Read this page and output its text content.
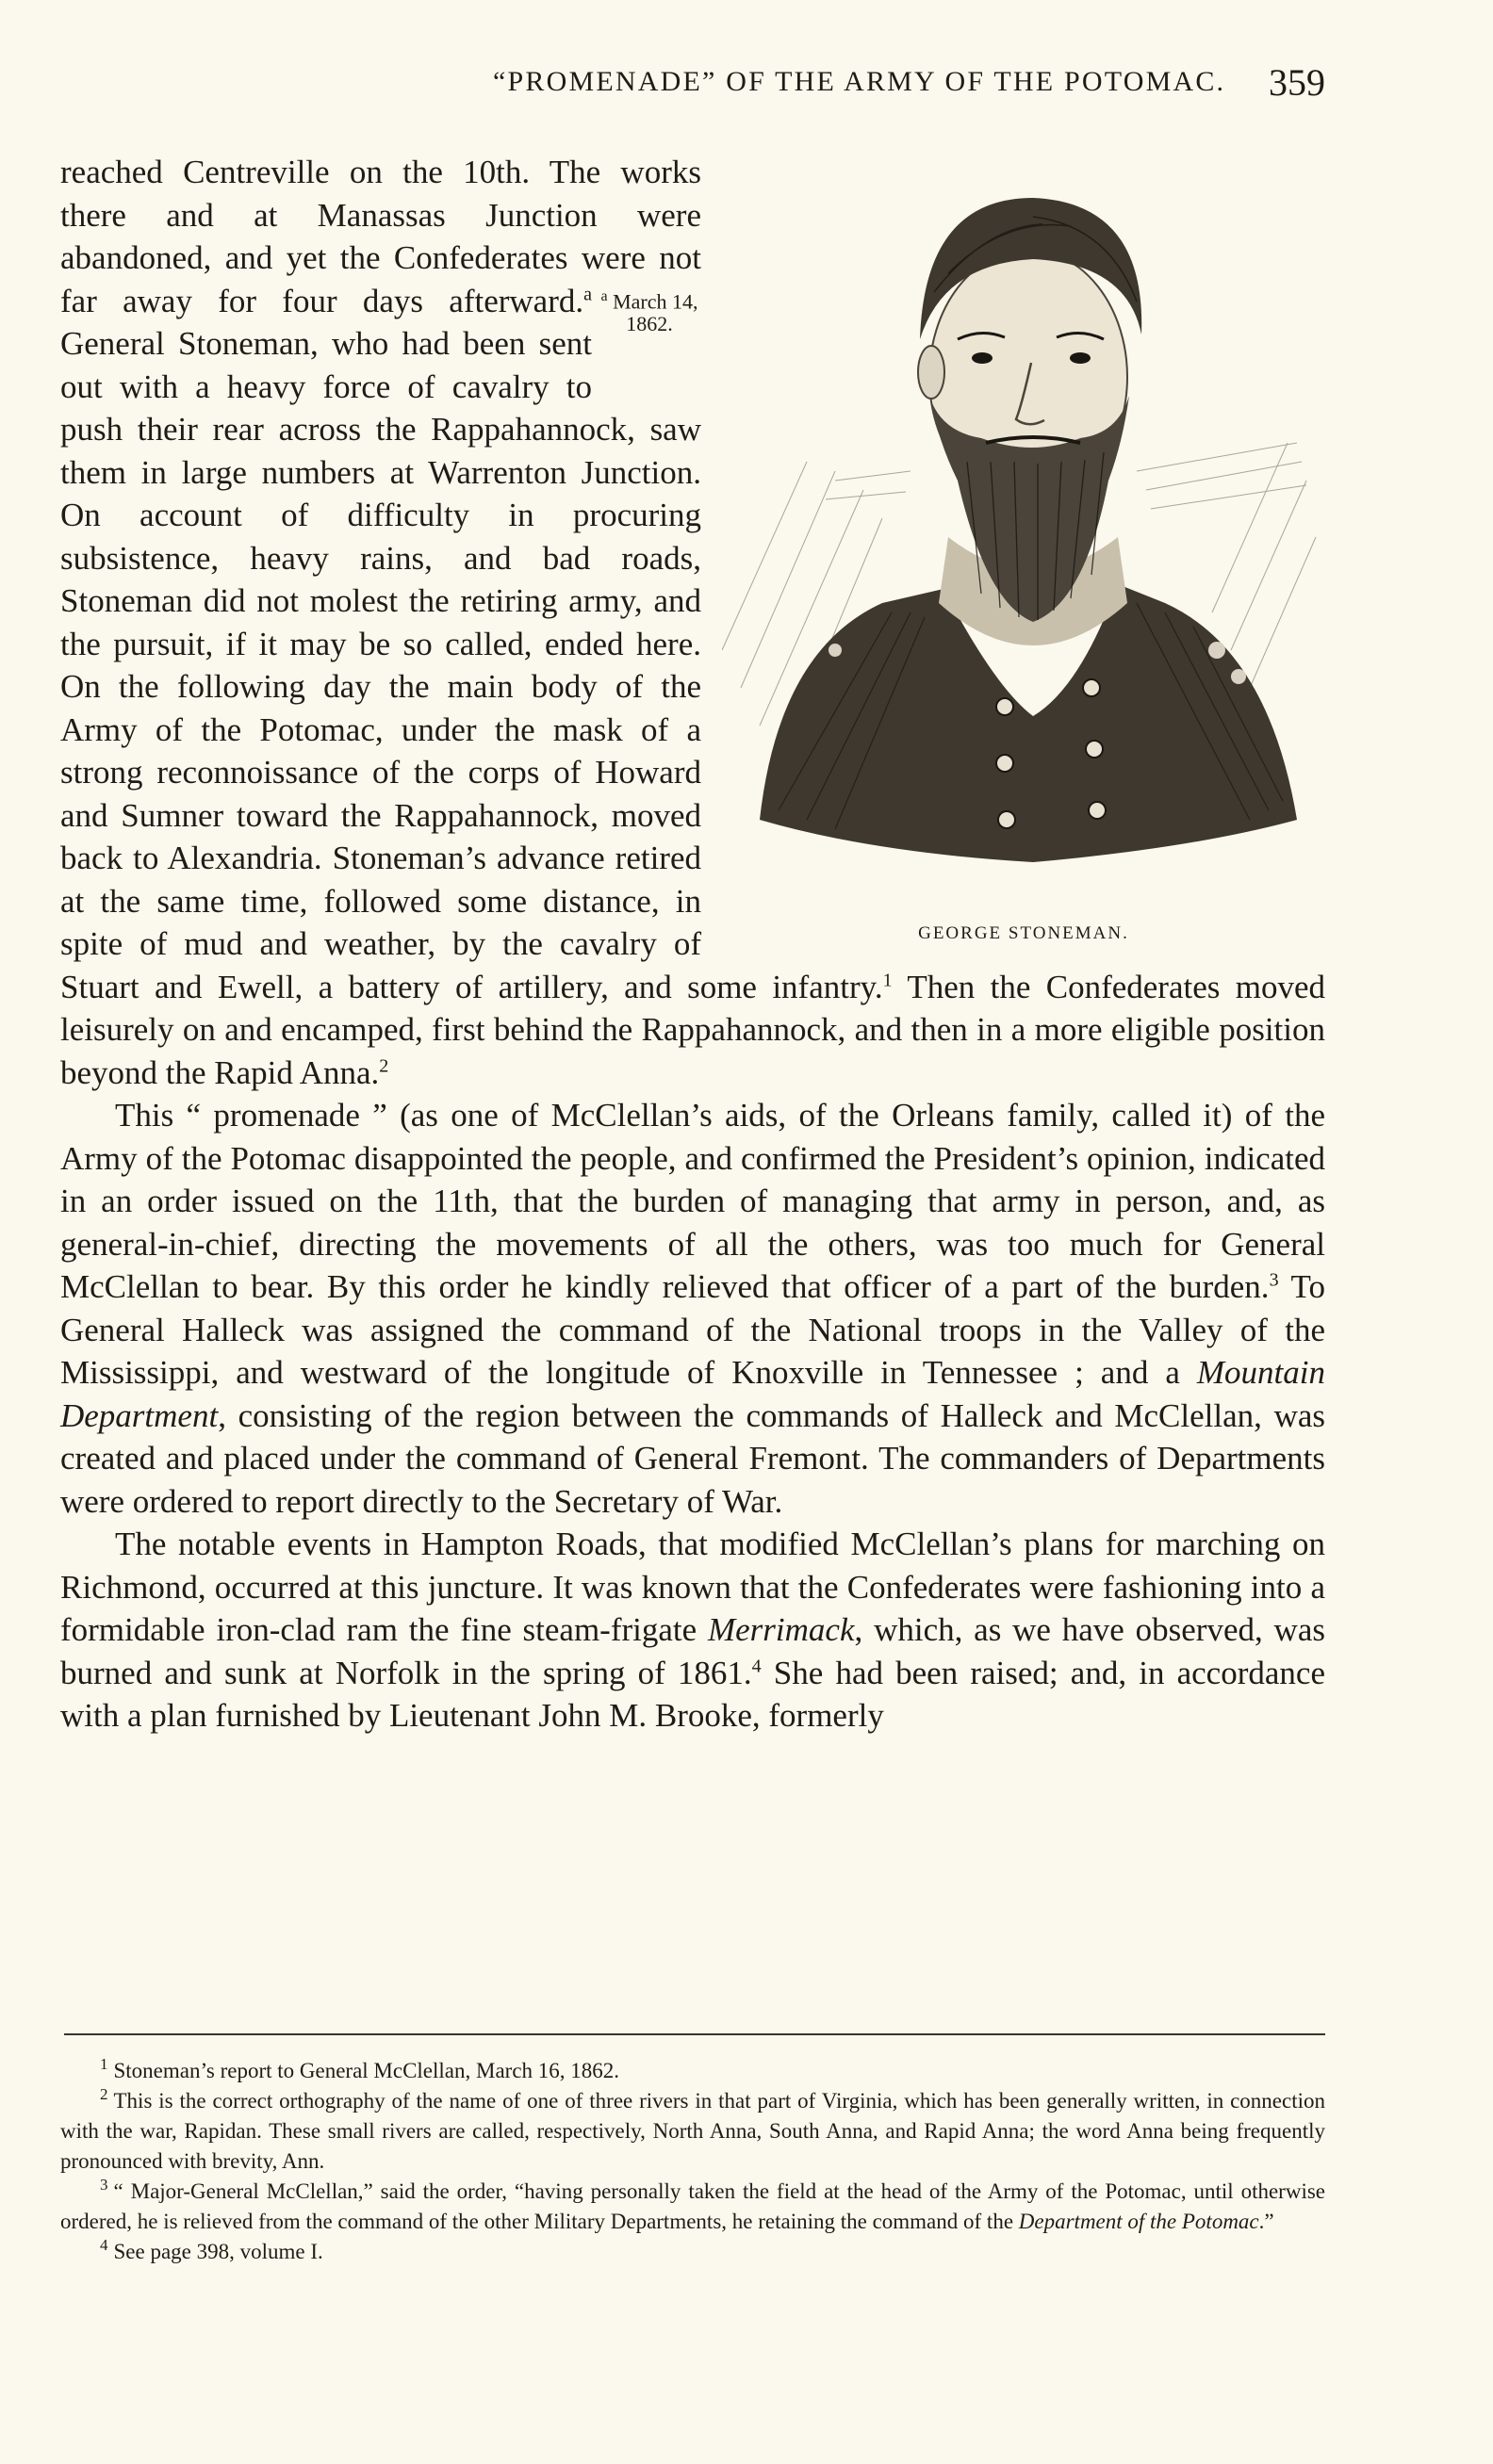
“PROMENADE” OF THE ARMY OF THE POTOMAC. 359
GEORGE STONEMAN.

reached Centreville on the 10th. The works there and at Manassas Junction were abandoned, and yet the Confederates were not far away for four days afterward.$^a$ $^a$ March 14,
1862.
General Stoneman, who had been sent out with a heavy force of cavalry to push their rear across the Rappahannock, saw them in large numbers at Warrenton Junction. On account of difficulty in procuring subsistence, heavy rains, and bad roads, Stoneman did not molest the retiring army, and the pursuit, if it may be so called, ended here. On the following day the main body of the Army of the Potomac, under the mask of a strong reconnoissance of the corps of Howard and Sumner toward the Rappahannock, moved back to Alexandria. Stoneman’s advance retired at the same time, followed some distance, in spite of mud and weather, by the cavalry of Stuart and Ewell, a battery of artillery, and some infantry.$^1$ Then the Confederates moved leisurely on and encamped, first behind the Rappahannock, and then in a more eligible position beyond the Rapid Anna.$^2$

This “ promenade ” (as one of McClellan’s aids, of the Orleans family, called it) of the Army of the Potomac disappointed the people, and confirmed the President’s opinion, indicated in an order issued on the 11th, that the burden of managing that army in person, and, as general-in-chief, directing the movements of all the others, was too much for General McClellan to bear. By this order he kindly relieved that officer of a part of the burden.$^3$ To General Halleck was assigned the command of the National troops in the Valley of the Mississippi, and westward of the longitude of Knoxville in Tennessee ; and a Mountain Department, consisting of the region between the commands of Halleck and McClellan, was created and placed under the command of General Fremont. The commanders of Departments were ordered to report directly to the Secretary of War.

The notable events in Hampton Roads, that modified McClellan’s plans for marching on Richmond, occurred at this juncture. It was known that the Confederates were fashioning into a formidable iron-clad ram the fine steam-frigate Merrimack, which, as we have observed, was burned and sunk at Norfolk in the spring of 1861.$^4$ She had been raised; and, in accordance with a plan furnished by Lieutenant John M. Brooke, formerly

$^1$ Stoneman’s report to General McClellan, March 16, 1862.

$^2$ This is the correct orthography of the name of one of three rivers in that part of Virginia, which has been generally written, in connection with the war, Rapidan. These small rivers are called, respectively, North Anna, South Anna, and Rapid Anna; the word Anna being frequently pronounced with brevity, Ann.

$^3$ “ Major-General McClellan,” said the order, “having personally taken the field at the head of the Army of the Potomac, until otherwise ordered, he is relieved from the command of the other Military Departments, he retaining the command of the Department of the Potomac.”

$^4$ See page 398, volume I.
